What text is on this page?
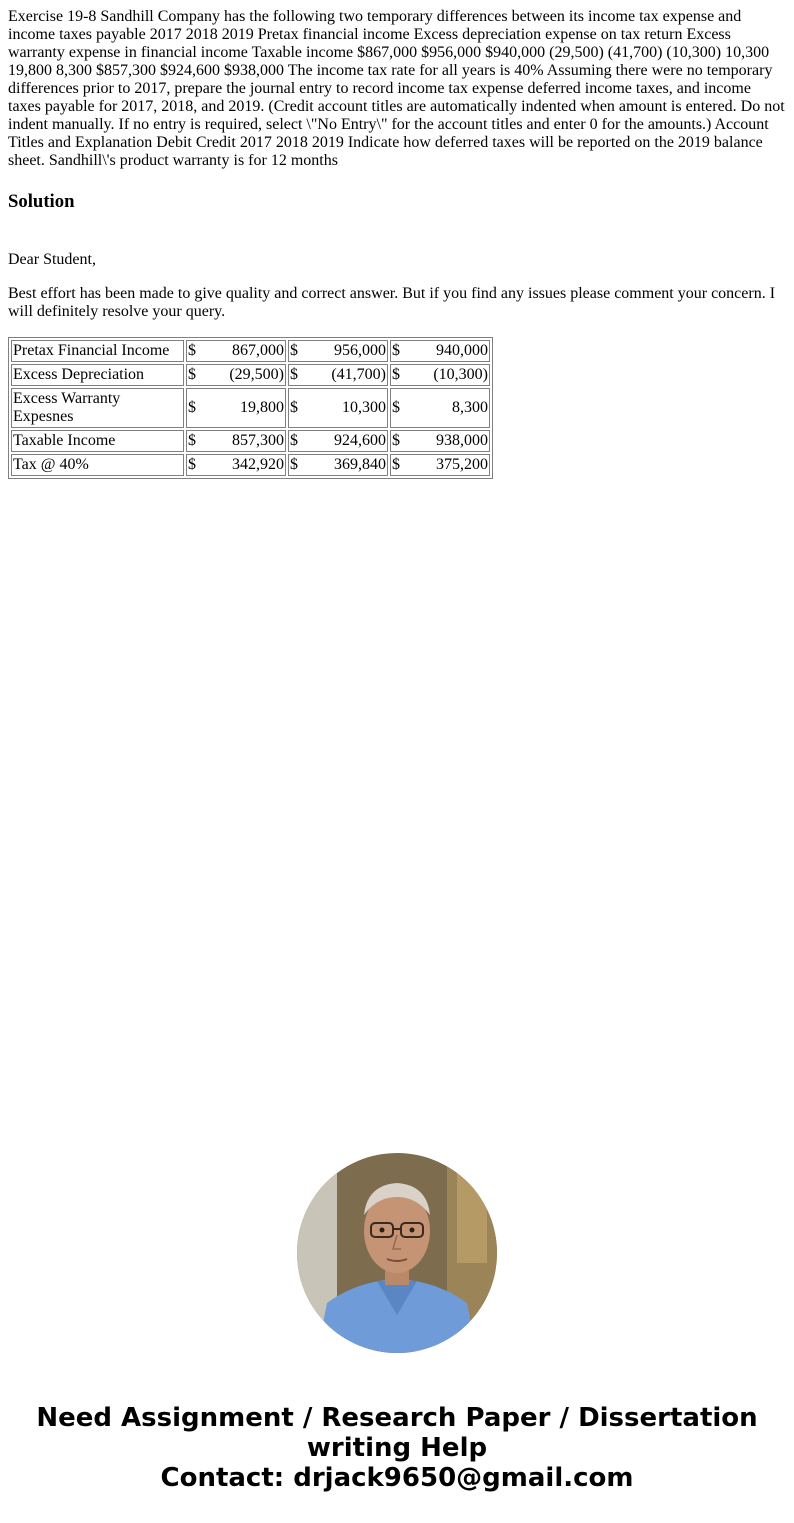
Exercise 19-8 Sandhill Company has the following two temporary differences between its income tax expense and income taxes payable 2017 2018 2019 Pretax financial income Excess depreciation expense on tax return Excess warranty expense in financial income Taxable income $867,000 $956,000 $940,000 (29,500) (41,700) (10,300) 10,300 19,800 8,300 $857,300 $924,600 $938,000 The income tax rate for all years is 40% Assuming there were no temporary differences prior to 2017, prepare the journal entry to record income tax expense deferred income taxes, and income taxes payable for 2017, 2018, and 2019. (Credit account titles are automatically indented when amount is entered. Do not indent manually. If no entry is required, select \"No Entry\" for the account titles and enter 0 for the amounts.) Account Titles and Explanation Debit Credit 2017 2018 2019 Indicate how deferred taxes will be reported on the 2019 balance sheet. Sandhill\'s product warranty is for 12 months

Solution

Dear Student,

Best effort has been made to give quality and correct answer. But if you find any issues please comment your concern. I will definitely resolve your query.

Pretax Financial Income	$ 867,000	$ 956,000	$ 940,000

Excess Depreciation	$ (29,500)	$ (41,700)	$ (10,300)

Excess Warranty Expesnes	$ 19,800	$ 10,300	$ 8,300

Taxable Income	$ 857,300	$ 924,600	$ 938,000

Tax @ 40%	$ 342,920	$ 369,840	$ 375,200
Need Assignment / Research Paper / Dissertation
writing Help
Contact: drjack9650@gmail.com
